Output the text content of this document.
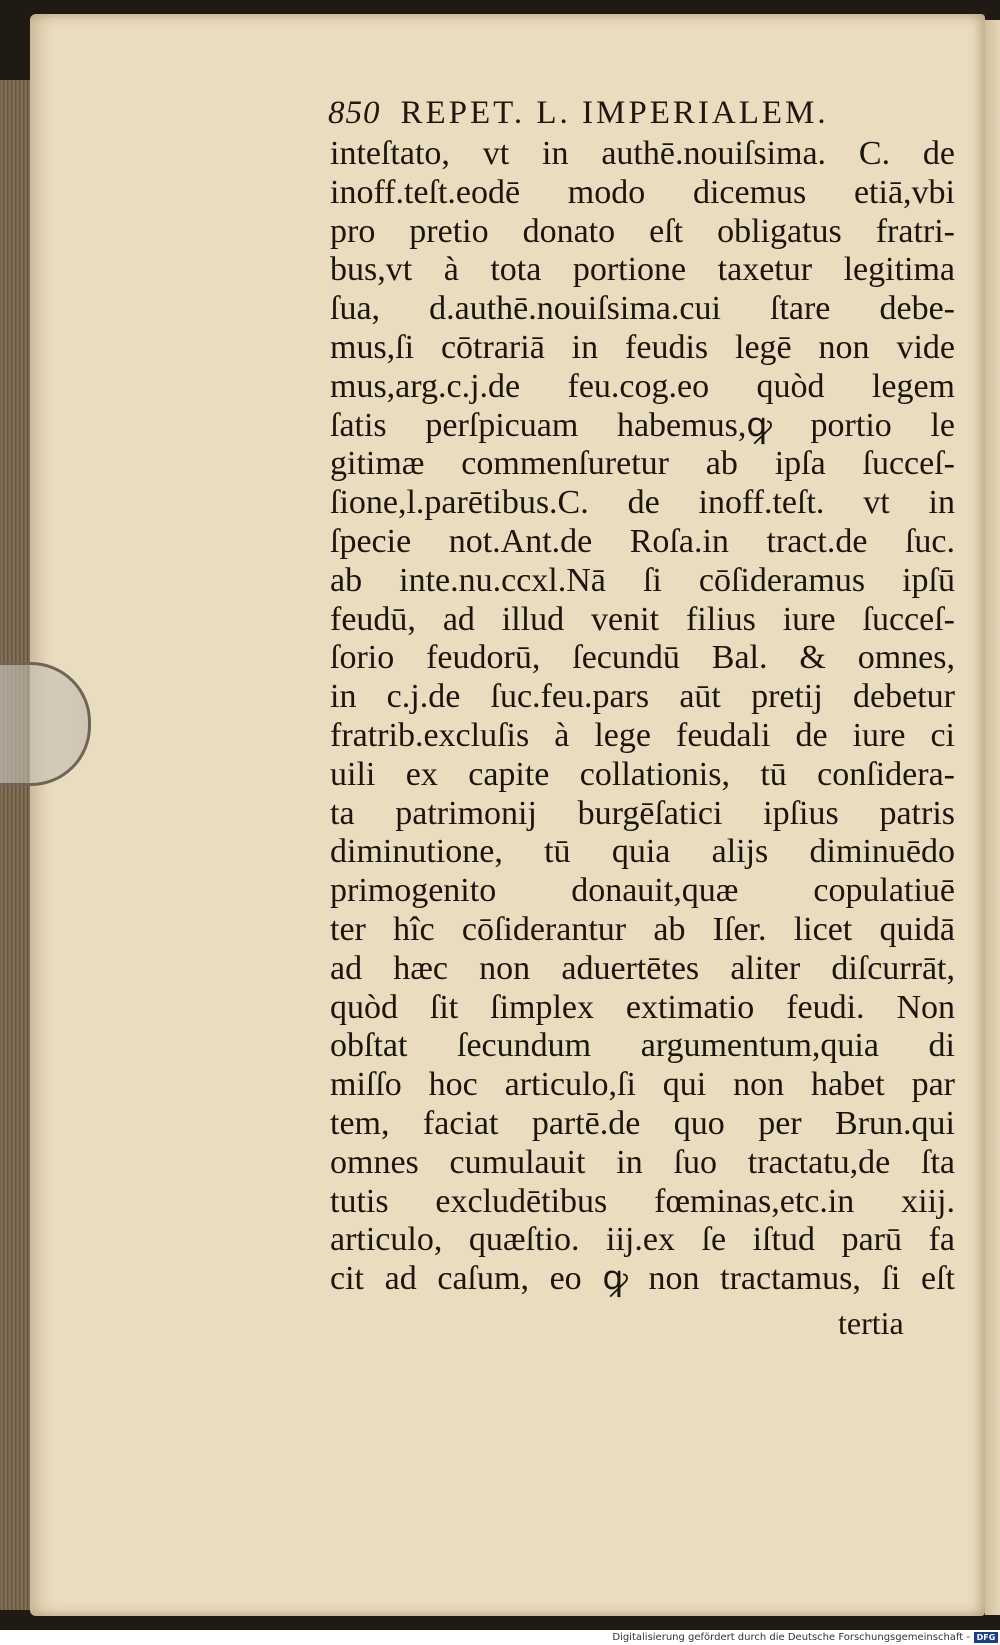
850 REPET. L. IMPERIALEM.
inteſtato, vt in authē.nouiſsima. C. de
inoff.teſt.eodē modo dicemus etiā,vbi
pro pretio donato eſt obligatus fratri-
bus,vt à tota portione taxetur legitima
ſua, d.authē.nouiſsima.cui ſtare debe-
mus,ſi cōtrariā in feudis legē non vide
mus,arg.c.j.de feu.cog.eo quòd legem
ſatis perſpicuam habemus,ꝙ portio le
gitimæ commenſuretur ab ipſa ſucceſ-
ſione,l.parētibus.C. de inoff.teſt. vt in
ſpecie not.Ant.de Roſa.in tract.de ſuc.
ab inte.nu.ccxl.Nā ſi cōſideramus ipſū
feudū, ad illud venit filius iure ſucceſ-
ſorio feudorū, ſecundū Bal. & omnes,
in c.j.de ſuc.feu.pars aūt pretij debetur
fratrib.excluſis à lege feudali de iure ci
uili ex capite collationis, tū conſidera-
ta patrimonij burgēſatici ipſius patris
diminutione, tū quia alijs diminuēdo
primogenito donauit,quæ copulatiuē
ter hîc cōſiderantur ab Iſer. licet quidā
ad hæc non aduertētes aliter diſcurrāt,
quòd ſit ſimplex extimatio feudi. Non
obſtat ſecundum argumentum,quia di
miſſo hoc articulo,ſi qui non habet par
tem, faciat partē.de quo per Brun.qui
omnes cumulauit in ſuo tractatu,de ſta
tutis excludētibus fœminas,etc.in xiij.
articulo, quæſtio. iij.ex ſe iſtud parū fa
cit ad caſum, eo ꝙ non tractamus, ſi eſt
tertia
Digitalisierung gefördert durch die Deutsche Forschungsgemeinschaft - DFG
